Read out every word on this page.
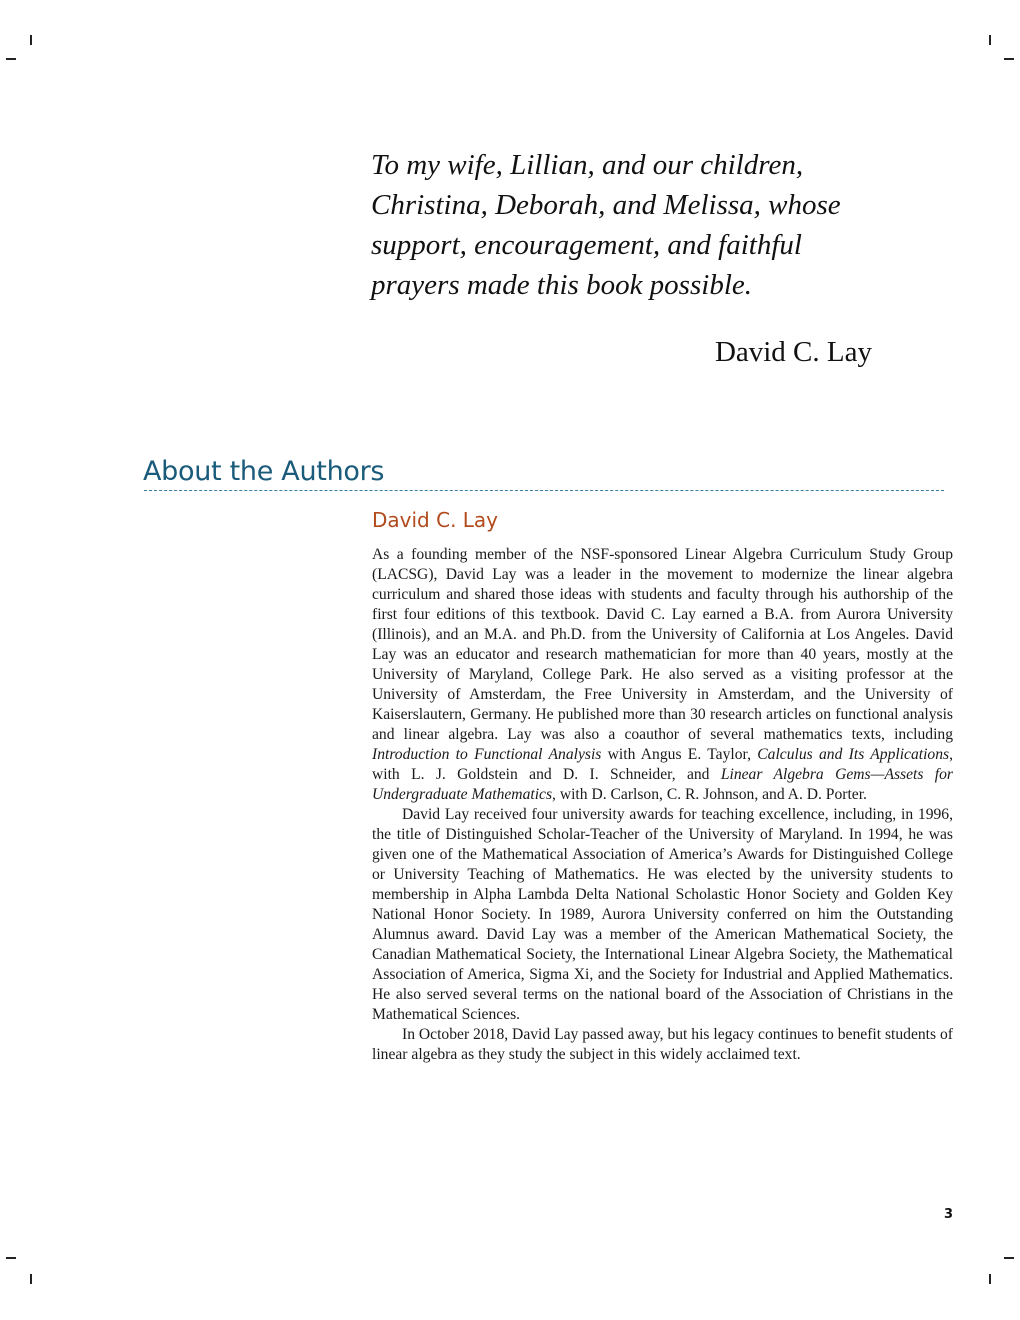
To my wife, Lillian, and our children,
Christina, Deborah, and Melissa, whose
support, encouragement, and faithful
prayers made this book possible.
David C. Lay
About the Authors
David C. Lay

As a founding member of the NSF-sponsored Linear Algebra Curriculum Study Group (LACSG), David Lay was a leader in the movement to modernize the linear algebra curriculum and shared those ideas with students and faculty through his authorship of the first four editions of this textbook. David C. Lay earned a B.A. from Aurora University (Illinois), and an M.A. and Ph.D. from the University of California at Los Angeles. David Lay was an educator and research mathematician for more than 40 years, mostly at the University of Maryland, College Park. He also served as a visiting professor at the University of Amsterdam, the Free University in Amsterdam, and the University of Kaiserslautern, Germany. He published more than 30 research articles on functional analysis and linear algebra. Lay was also a coauthor of several mathematics texts, including Introduction to Functional Analysis with Angus E. Taylor, Calculus and Its Applications, with L. J. Goldstein and D. I. Schneider, and Linear Algebra Gems—Assets for Undergraduate Mathematics, with D. Carlson, C. R. Johnson, and A. D. Porter.

David Lay received four university awards for teaching excellence, including, in 1996, the title of Distinguished Scholar-Teacher of the University of Maryland. In 1994, he was given one of the Mathematical Association of America’s Awards for Distinguished College or University Teaching of Mathematics. He was elected by the university students to membership in Alpha Lambda Delta National Scholastic Honor Society and Golden Key National Honor Society. In 1989, Aurora University conferred on him the Outstanding Alumnus award. David Lay was a member of the American Mathematical Society, the Canadian Mathematical Society, the International Linear Algebra Society, the Mathematical Association of America, Sigma Xi, and the Society for Industrial and Applied Mathematics. He also served several terms on the national board of the Association of Christians in the Mathematical Sciences.

In October 2018, David Lay passed away, but his legacy continues to benefit students of linear algebra as they study the subject in this widely acclaimed text.

3
